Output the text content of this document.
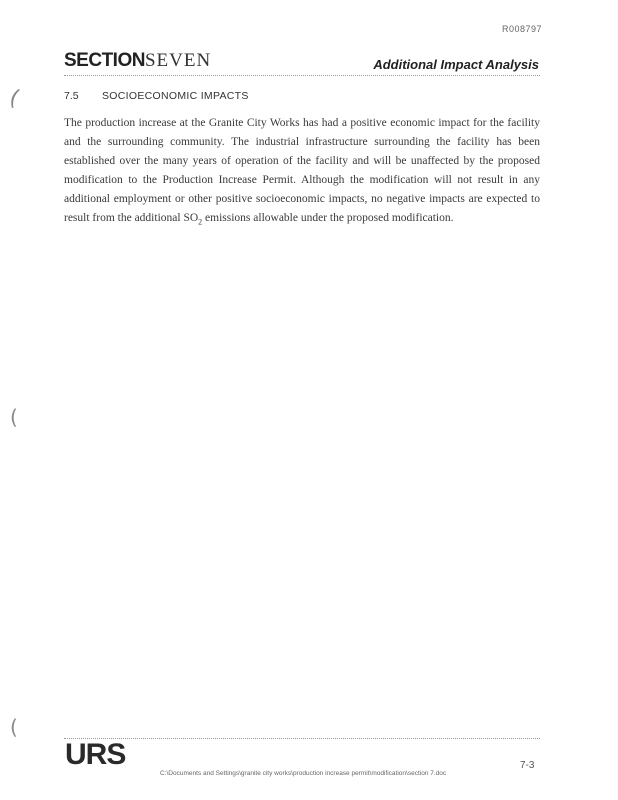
R008797
SECTIONSEVEN	Additional Impact Analysis
7.5 SOCIOECONOMIC IMPACTS
The production increase at the Granite City Works has had a positive economic impact for the facility and the surrounding community. The industrial infrastructure surrounding the facility has been established over the many years of operation of the facility and will be unaffected by the proposed modification to the Production Increase Permit. Although the modification will not result in any additional employment or other positive socioeconomic impacts, no negative impacts are expected to result from the additional $SO_2$ emissions allowable under the proposed modification.
(
(
(
URS
C:\Documents and Settings\granite city works\production increase permit\modification\section 7.doc
7-3
